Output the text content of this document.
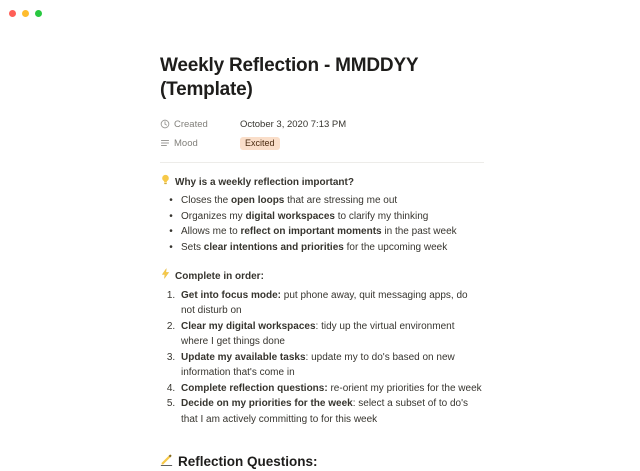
Weekly Reflection - MMDDYY (Template)
Created	October 3, 2020 7:13 PM
Mood	Excited
Why is a weekly reflection important?
• Closes the open loops that are stressing me out
• Organizes my digital workspaces to clarify my thinking
• Allows me to reflect on important moments in the past week
• Sets clear intentions and priorities for the upcoming week
Complete in order:
1. Get into focus mode: put phone away, quit messaging apps, do not disturb on
2. Clear my digital workspaces: tidy up the virtual environment where I get things done
3. Update my available tasks: update my to do's based on new information that's come in
4. Complete reflection questions: re-orient my priorities for the week
5. Decide on my priorities for the week: select a subset of to do's that I am actively committing to for this week
Reflection Questions:
